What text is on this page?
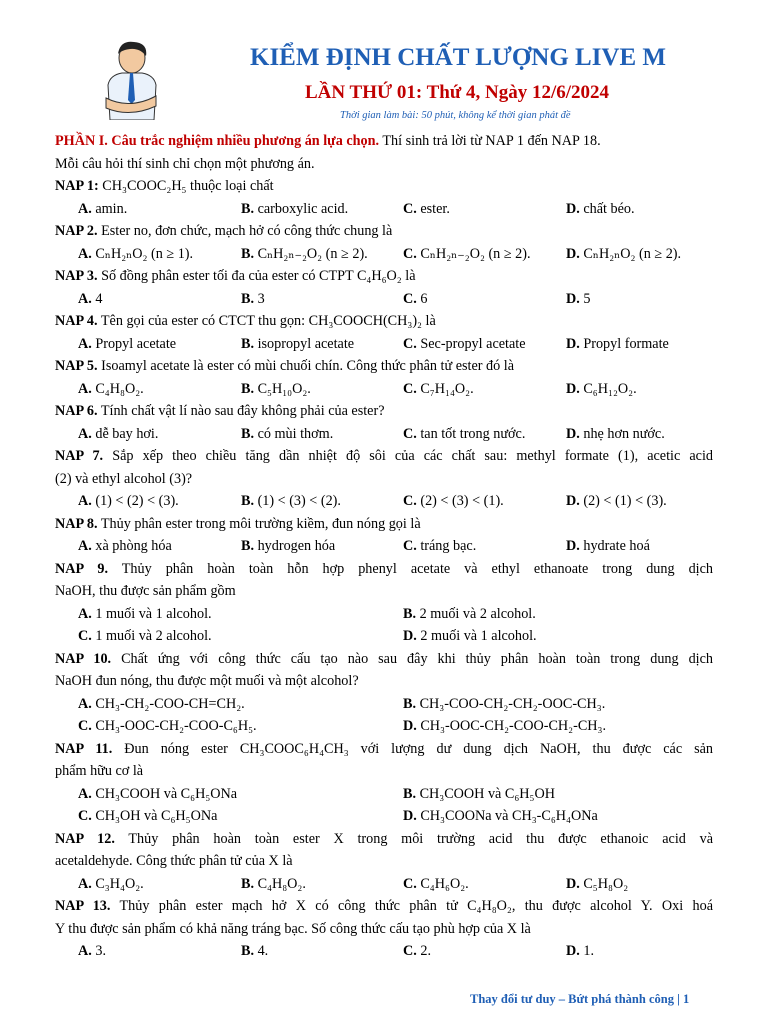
KIỂM ĐỊNH CHẤT LƯỢNG LIVE M
LẦN THỨ 01: Thứ 4, Ngày 12/6/2024
Thời gian làm bài: 50 phút, không kể thời gian phát đề
PHẦN I. Câu trắc nghiệm nhiều phương án lựa chọn. Thí sinh trả lời từ NAP 1 đến NAP 18.
Mỗi câu hỏi thí sinh chỉ chọn một phương án.
NAP 1: CH₃COOC₂H₅ thuộc loại chất
A. amin.	B. carboxylic acid.	C. ester.	D. chất béo.
NAP 2. Ester no, đơn chức, mạch hở có công thức chung là
A. CₙH₂ₙO₂ (n ≥ 1).	B. CₙH₂ₙ₋₂O₂ (n ≥ 2). C. CₙH₂ₙ₋₂O₂ (n ≥ 2). D. CₙH₂ₙO₂ (n ≥ 2).
NAP 3. Số đồng phân ester tối đa của ester có CTPT C₄H₆O₂ là
A. 4	B. 3	C. 6	D. 5
NAP 4. Tên gọi của ester có CTCT thu gọn: CH₃COOCH(CH₃)₂ là
A. Propyl acetate	B. isopropyl acetate	C. Sec-propyl acetate	D. Propyl formate
NAP 5. Isoamyl acetate là ester có mùi chuối chín. Công thức phân tử ester đó là
A. C₄H₈O₂.	B. C₅H₁₀O₂.	C. C₇H₁₄O₂.	D. C₆H₁₂O₂.
NAP 6. Tính chất vật lí nào sau đây không phải của ester?
A. dễ bay hơi.	B. có mùi thơm.	C. tan tốt trong nước.	D. nhẹ hơn nước.
NAP 7. Sắp xếp theo chiều tăng dần nhiệt độ sôi của các chất sau: methyl formate (1), acetic acid
(2) và ethyl alcohol (3)?
A. (1) < (2) < (3).	B. (1) < (3) < (2).	C. (2) < (3) < (1).	D. (2) < (1) < (3).
NAP 8. Thủy phân ester trong môi trường kiềm, đun nóng gọi là
A. xà phòng hóa	B. hydrogen hóa	C. tráng bạc.	D. hydrate hoá
NAP 9. Thủy phân hoàn toàn hỗn hợp phenyl acetate và ethyl ethanoate trong dung dịch
NaOH, thu được sản phẩm gồm
A. 1 muối và 1 alcohol.	B. 2 muối và 2 alcohol.
C. 1 muối và 2 alcohol.	D. 2 muối và 1 alcohol.
NAP 10. Chất ứng với công thức cấu tạo nào sau đây khi thủy phân hoàn toàn trong dung dịch
NaOH đun nóng, thu được một muối và một alcohol?
A. CH₃-CH₂-COO-CH=CH₂.	B. CH₃-COO-CH₂-CH₂-OOC-CH₃.
C. CH₃-OOC-CH₂-COO-C₆H₅.	D. CH₃-OOC-CH₂-COO-CH₂-CH₃.
NAP 11. Đun nóng ester CH₃COOC₆H₄CH₃ với lượng dư dung dịch NaOH, thu được các sản
phẩm hữu cơ là
A. CH₃COOH và C₆H₅ONa	B. CH₃COOH và C₆H₅OH
C. CH₃OH và C₆H₅ONa	D. CH₃COONa và CH₃-C₆H₄ONa
NAP 12. Thủy phân hoàn toàn ester X trong môi trường acid thu được ethanoic acid và
acetaldehyde. Công thức phân tử của X là
A. C₃H₄O₂.	B. C₄H₈O₂.	C. C₄H₆O₂.	D. C₅H₈O₂
NAP 13. Thủy phân ester mạch hở X có công thức phân tử C₄H₈O₂, thu được alcohol Y. Oxi hoá
Y thu được sản phẩm có khả năng tráng bạc. Số công thức cấu tạo phù hợp của X là
A. 3.	B. 4.	C. 2.	D. 1.
Thay đổi tư duy – Bứt phá thành công | 1
